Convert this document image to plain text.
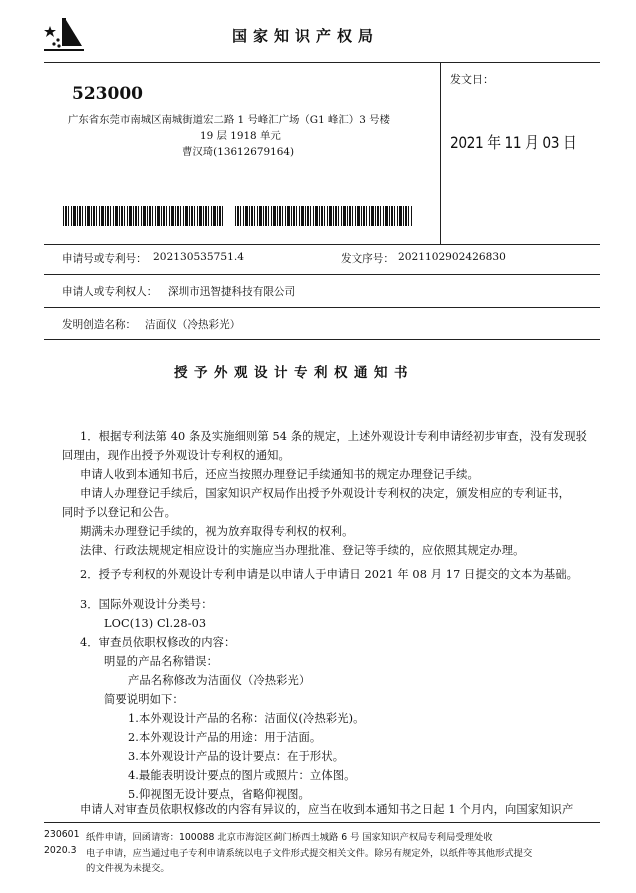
国家知识产权局
523000
广东省东莞市南城区南城街道宏二路 1 号峰汇广场（G1 峰汇）3 号楼
19 层 1918 单元
曹汉琦(13612679164)
发文日：
2021 年 11 月 03 日
申请号或专利号： 202130535751.4	发文序号： 2021102902426830
申请人或专利权人： 深圳市迅智捷科技有限公司
发明创造名称： 洁面仪（冷热彩光）
授予外观设计专利权通知书
1．根据专利法第 40 条及实施细则第 54 条的规定，上述外观设计专利申请经初步审查，没有发现驳
回理由，现作出授予外观设计专利权的通知。
申请人收到本通知书后，还应当按照办理登记手续通知书的规定办理登记手续。
申请人办理登记手续后，国家知识产权局作出授予外观设计专利权的决定，颁发相应的专利证书，
同时予以登记和公告。
期满未办理登记手续的，视为放弃取得专利权的权利。
法律、行政法规规定相应设计的实施应当办理批准、登记等手续的，应依照其规定办理。
2．授予专利权的外观设计专利申请是以申请人于申请日 2021 年 08 月 17 日提交的文本为基础。
3．国际外观设计分类号：
LOC(13) Cl.28-03
4．审查员依职权修改的内容：
明显的产品名称错误：
产品名称修改为洁面仪（冷热彩光）
简要说明如下：
1.本外观设计产品的名称：洁面仪(冷热彩光)。
2.本外观设计产品的用途：用于洁面。
3.本外观设计产品的设计要点：在于形状。
4.最能表明设计要点的图片或照片：立体图。
5.仰视图无设计要点，省略仰视图。
申请人对审查员依职权修改的内容有异议的，应当在收到本通知书之日起 1 个月内，向国家知识产
230601
2020.3
纸件申请，回函请寄：100088 北京市海淀区蓟门桥西土城路 6 号 国家知识产权局专利局受理处收
电子申请，应当通过电子专利申请系统以电子文件形式提交相关文件。除另有规定外，以纸件等其他形式提交
的文件视为未提交。
